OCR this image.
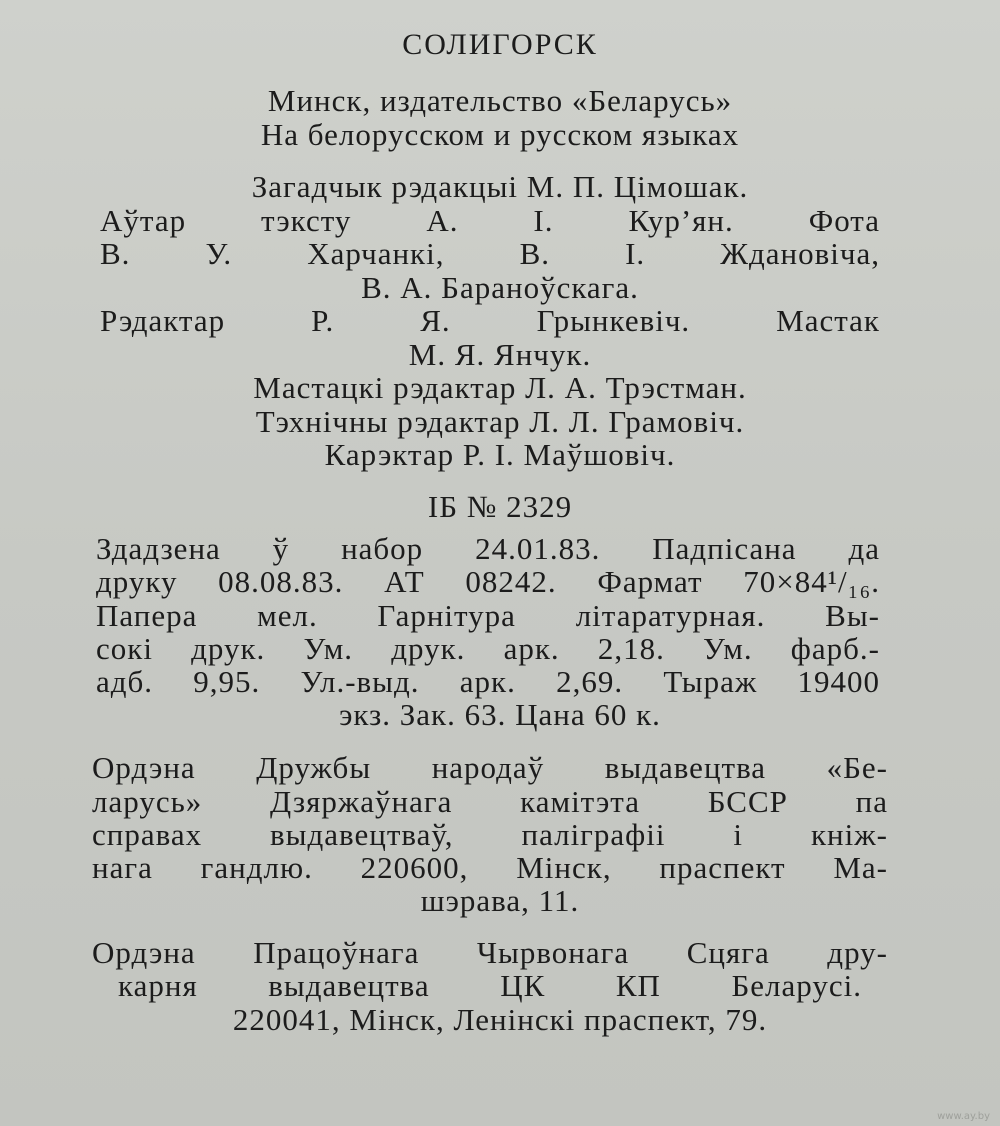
СОЛИГОРСК
Минск, издательство «Беларусь»
На белорусском и русском языках
Загадчык рэдакцыі М. П. Цімошак.
Аўтар тэксту А. І. Кур’ян. Фота
В. У. Харчанкі, В. І. Ждановіча,
В. А. Бараноўскага.
Рэдактар Р. Я. Грынкевіч. Мастак
М. Я. Янчук.
Мастацкі рэдактар Л. А. Трэстман.
Тэхнічны рэдактар Л. Л. Грамовіч.
Карэктар Р. І. Маўшовіч.
ІБ № 2329
Здадзена ў набор 24.01.83. Падпісана да
друку 08.08.83. АТ 08242. Фармат 70×84¹/₁₆.
Папера мел. Гарнітура літаратурная. Вы-
сокі друк. Ум. друк. арк. 2,18. Ум. фарб.-
адб. 9,95. Ул.-выд. арк. 2,69. Тыраж 19400
экз. Зак. 63. Цана 60 к.
Ордэна Дружбы народаў выдавецтва «Бе-
ларусь» Дзяржаўнага камітэта БССР па
справах выдавецтваў, паліграфіі і кніж-
нага гандлю. 220600, Мінск, праспект Ма-
шэрава, 11.
Ордэна Працоўнага Чырвонага Сцяга дру-
карня выдавецтва ЦК КП Беларусі.
220041, Мінск, Ленінскі праспект, 79.
www.ay.by
